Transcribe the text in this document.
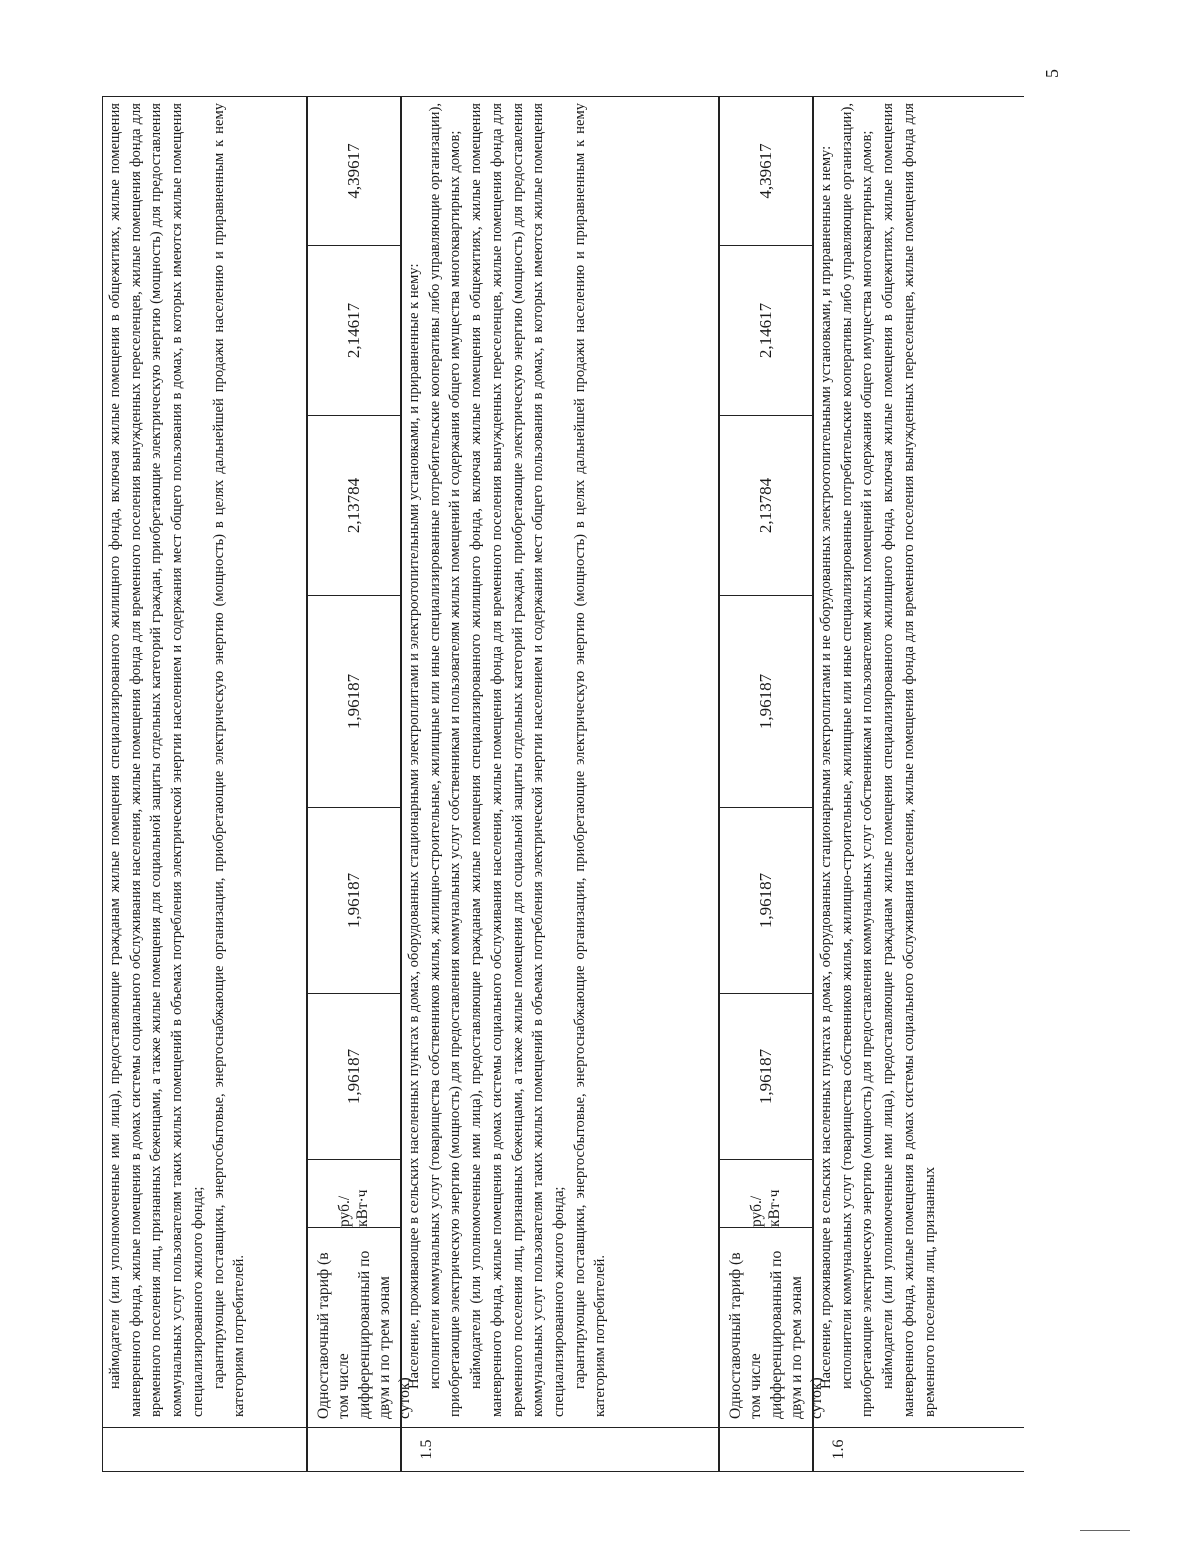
5

наймодатели (или уполномоченные ими лица), предоставляющие гражданам жилые помещения специализированного жилищного фонда, включая жилые помещения в общежитиях, жилые помещения маневренного фонда, жилые помещения в домах системы социального обслуживания населения, жилые помещения фонда для временного поселения вынужденных переселенцев, жилые помещения фонда для временного поселения лиц, признанных беженцами, а также жилые помещения для социальной защиты отдельных категорий граждан, приобретающие электрическую энергию (мощность) для предоставления коммунальных услуг пользователям таких жилых помещений в объемах потребления электрической энергии населением и содержания мест общего пользования в домах, в которых имеются жилые помещения специализированного жилого фонда; гарантирующие поставщики, энергосбытовые, энергоснабжающие организации, приобретающие электрическую энергию (мощность) в целях дальнейшей продажи населению и приравненным к нему категориям потребителей.	Одноставочный тариф (в том числе дифференцированный по двум и по трем зонам суток)
руб./кВт·ч
1,96187
1,96187
1,96187
2,13784
2,14617
4,39617
1.5

Население, проживающее в сельских населенных пунктах в домах, оборудованных стационарными электроплитами и электроотопительными установками, и приравненные к нему: исполнители коммунальных услуг (товарищества собственников жилья, жилищно-строительные, жилищные или иные специализированные потребительские кооперативы либо управляющие организации), приобретающие электрическую энергию (мощность) для предоставления коммунальных услуг собственникам и пользователям жилых помещений и содержания общего имущества многоквартирных домов; наймодатели (или уполномоченные ими лица), предоставляющие гражданам жилые помещения специализированного жилищного фонда, включая жилые помещения в общежитиях, жилые помещения маневренного фонда, жилые помещения в домах системы социального обслуживания населения, жилые помещения фонда для временного поселения вынужденных переселенцев, жилые помещения фонда для временного поселения лиц, признанных беженцами, а также жилые помещения для социальной защиты отдельных категорий граждан, приобретающие электрическую энергию (мощность) для предоставления коммунальных услуг пользователям таких жилых помещений в объемах потребления электрической энергии населением и содержания мест общего пользования в домах, в которых имеются жилые помещения специализированного жилого фонда; гарантирующие поставщики, энергосбытовые, энергоснабжающие организации, приобретающие электрическую энергию (мощность) в целях дальнейшей продажи населению и приравненным к нему категориям потребителей.	Одноставочный тариф (в том числе дифференцированный по двум и по трем зонам суток)
руб./кВт·ч
1,96187
1,96187
1,96187
2,13784
2,14617
4,39617
1.6

Население, проживающее в сельских населенных пунктах в домах, оборудованных стационарными электроплитами и не оборудованных электроотопительными установками, и приравненные к нему: исполнители коммунальных услуг (товарищества собственников жилья, жилищно-строительные, жилищные или иные специализированные потребительские кооперативы либо управляющие организации), приобретающие электрическую энергию (мощность) для предоставления коммунальных услуг собственникам и пользователям жилых помещений и содержания общего имущества многоквартирных домов; наймодатели (или уполномоченные ими лица), предоставляющие гражданам жилые помещения специализированного жилищного фонда, включая жилые помещения в общежитиях, жилые помещения маневренного фонда, жилые помещения в домах системы социального обслуживания населения, жилые помещения фонда для временного поселения вынужденных переселенцев, жилые помещения фонда для временного поселения лиц, признанных
